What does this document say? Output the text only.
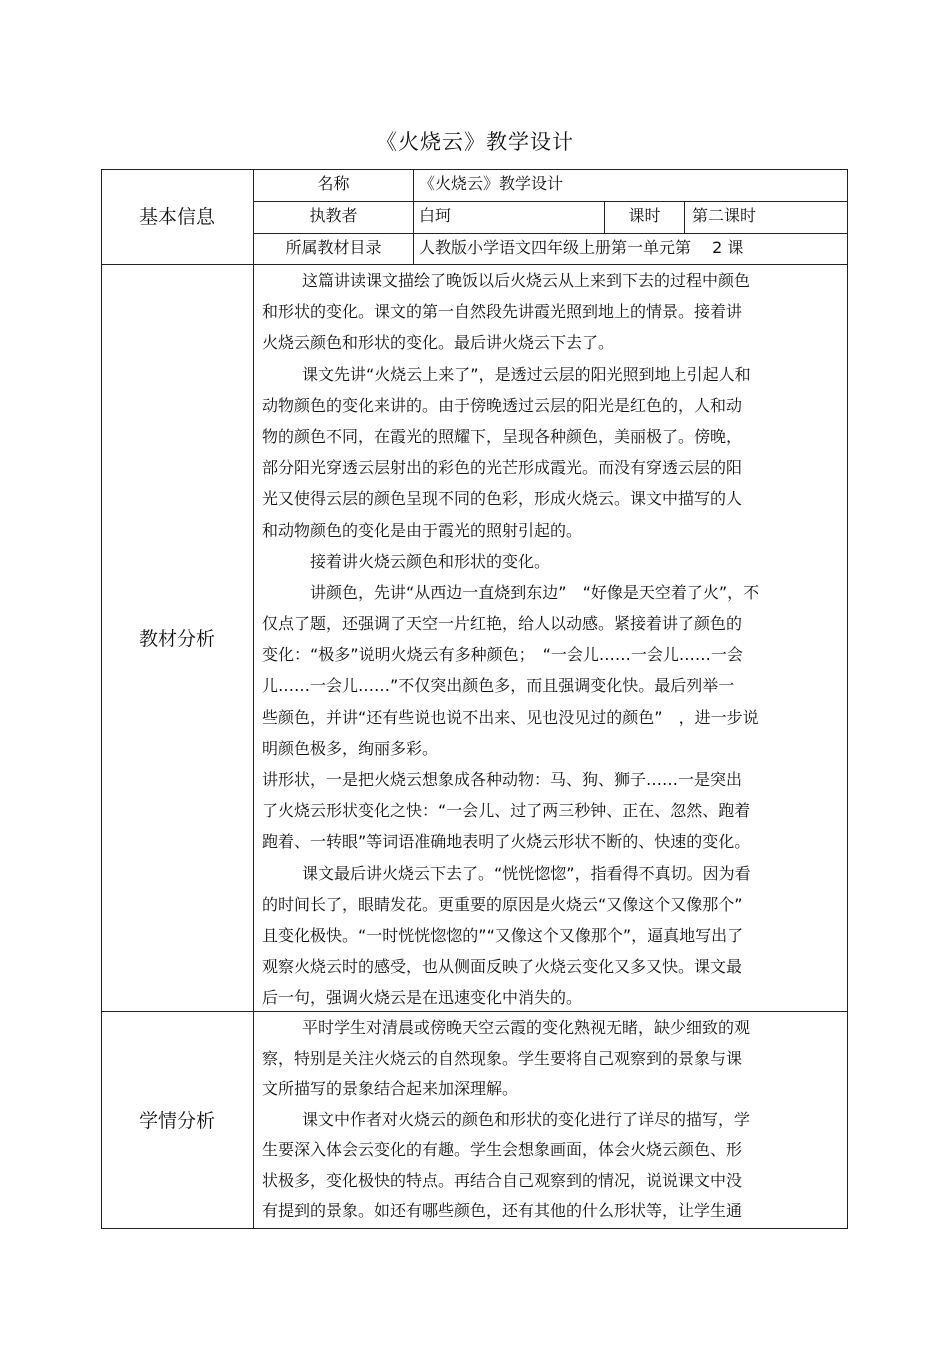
《火烧云》教学设计
基本信息
名称	《火烧云》教学设计
执教者	白珂	课时	第二课时
所属教材目录	人教版小学语文四年级上册第一单元第　 2 课
教材分析
这篇讲读课文描绘了晚饭以后火烧云从上来到下去的过程中颜色
和形状的变化。课文的第一自然段先讲霞光照到地上的情景。接着讲
火烧云颜色和形状的变化。最后讲火烧云下去了。
课文先讲“火烧云上来了”，是透过云层的阳光照到地上引起人和
动物颜色的变化来讲的。由于傍晚透过云层的阳光是红色的，人和动
物的颜色不同，在霞光的照耀下，呈现各种颜色，美丽极了。傍晚，
部分阳光穿透云层射出的彩色的光芒形成霞光。而没有穿透云层的阳
光又使得云层的颜色呈现不同的色彩，形成火烧云。课文中描写的人
和动物颜色的变化是由于霞光的照射引起的。
接着讲火烧云颜色和形状的变化。
讲颜色，先讲“从西边一直烧到东边”　“好像是天空着了火”，不
仅点了题，还强调了天空一片红艳，给人以动感。紧接着讲了颜色的
变化：“极多”说明火烧云有多种颜色；　“一会儿……一会儿……一会
儿……一会儿……”不仅突出颜色多，而且强调变化快。最后列举一
些颜色，并讲“还有些说也说不出来、见也没见过的颜色”　，进一步说
明颜色极多，绚丽多彩。
讲形状，一是把火烧云想象成各种动物：马、狗、狮子……一是突出
了火烧云形状变化之快：“一会儿、过了两三秒钟、正在、忽然、跑着
跑着、一转眼”等词语准确地表明了火烧云形状不断的、快速的变化。
课文最后讲火烧云下去了。“恍恍惚惚”，指看得不真切。因为看
的时间长了，眼睛发花。更重要的原因是火烧云“又像这个又像那个”
且变化极快。“一时恍恍惚惚的”“又像这个又像那个”，逼真地写出了
观察火烧云时的感受，也从侧面反映了火烧云变化又多又快。课文最
后一句，强调火烧云是在迅速变化中消失的。
学情分析
平时学生对清晨或傍晚天空云霞的变化熟视无睹，缺少细致的观
察，特别是关注火烧云的自然现象。学生要将自己观察到的景象与课
文所描写的景象结合起来加深理解。
课文中作者对火烧云的颜色和形状的变化进行了详尽的描写，学
生要深入体会云变化的有趣。学生会想象画面，体会火烧云颜色、形
状极多，变化极快的特点。再结合自己观察到的情况，说说课文中没
有提到的景象。如还有哪些颜色，还有其他的什么形状等，让学生通
